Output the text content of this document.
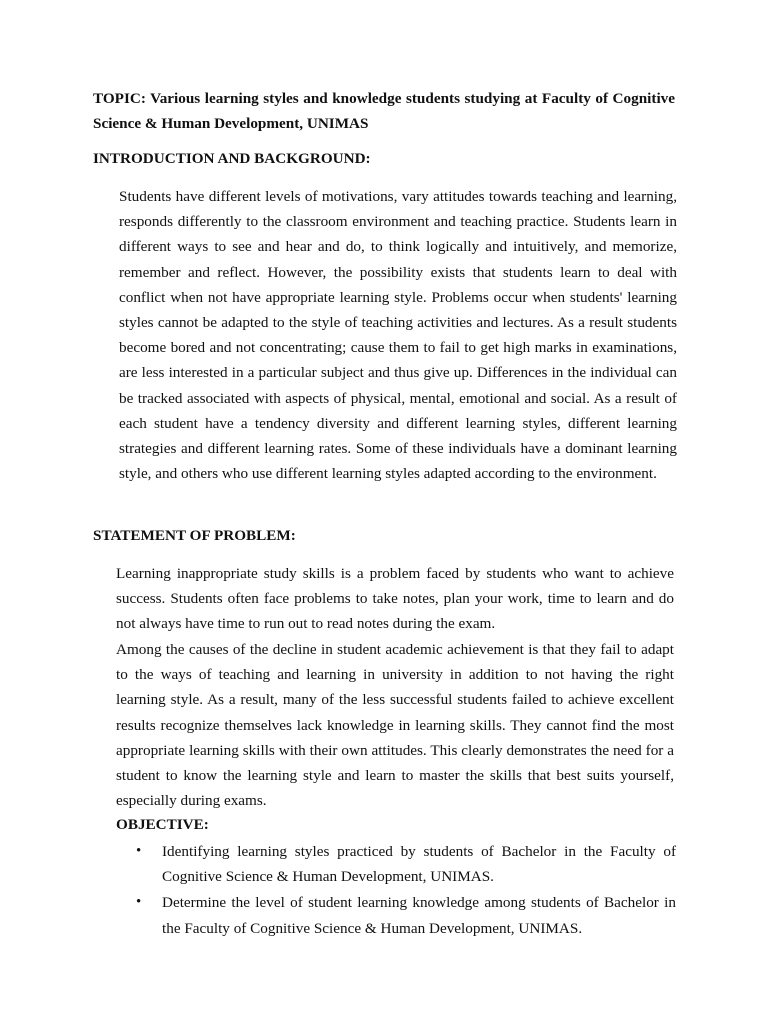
TOPIC: Various learning styles and knowledge students studying at Faculty of Cognitive Science & Human Development, UNIMAS

INTRODUCTION AND BACKGROUND:

Students have different levels of motivations, vary attitudes towards teaching and learning, responds differently to the classroom environment and teaching practice. Students learn in different ways to see and hear and do, to think logically and intuitively, and memorize, remember and reflect. However, the possibility exists that students learn to deal with conflict when not have appropriate learning style. Problems occur when students' learning styles cannot be adapted to the style of teaching activities and lectures. As a result students become bored and not concentrating; cause them to fail to get high marks in examinations, are less interested in a particular subject and thus give up. Differences in the individual can be tracked associated with aspects of physical, mental, emotional and social. As a result of each student have a tendency diversity and different learning styles, different learning strategies and different learning rates. Some of these individuals have a dominant learning style, and others who use different learning styles adapted according to the environment.

STATEMENT OF PROBLEM:

Learning inappropriate study skills is a problem faced by students who want to achieve success. Students often face problems to take notes, plan your work, time to learn and do not always have time to run out to read notes during the exam.

Among the causes of the decline in student academic achievement is that they fail to adapt to the ways of teaching and learning in university in addition to not having the right learning style. As a result, many of the less successful students failed to achieve excellent results recognize themselves lack knowledge in learning skills. They cannot find the most appropriate learning skills with their own attitudes. This clearly demonstrates the need for a student to know the learning style and learn to master the skills that best suits yourself, especially during exams.

OBJECTIVE:

• Identifying learning styles practiced by students of Bachelor in the Faculty of Cognitive Science & Human Development, UNIMAS.
• Determine the level of student learning knowledge among students of Bachelor in the Faculty of Cognitive Science & Human Development, UNIMAS.
